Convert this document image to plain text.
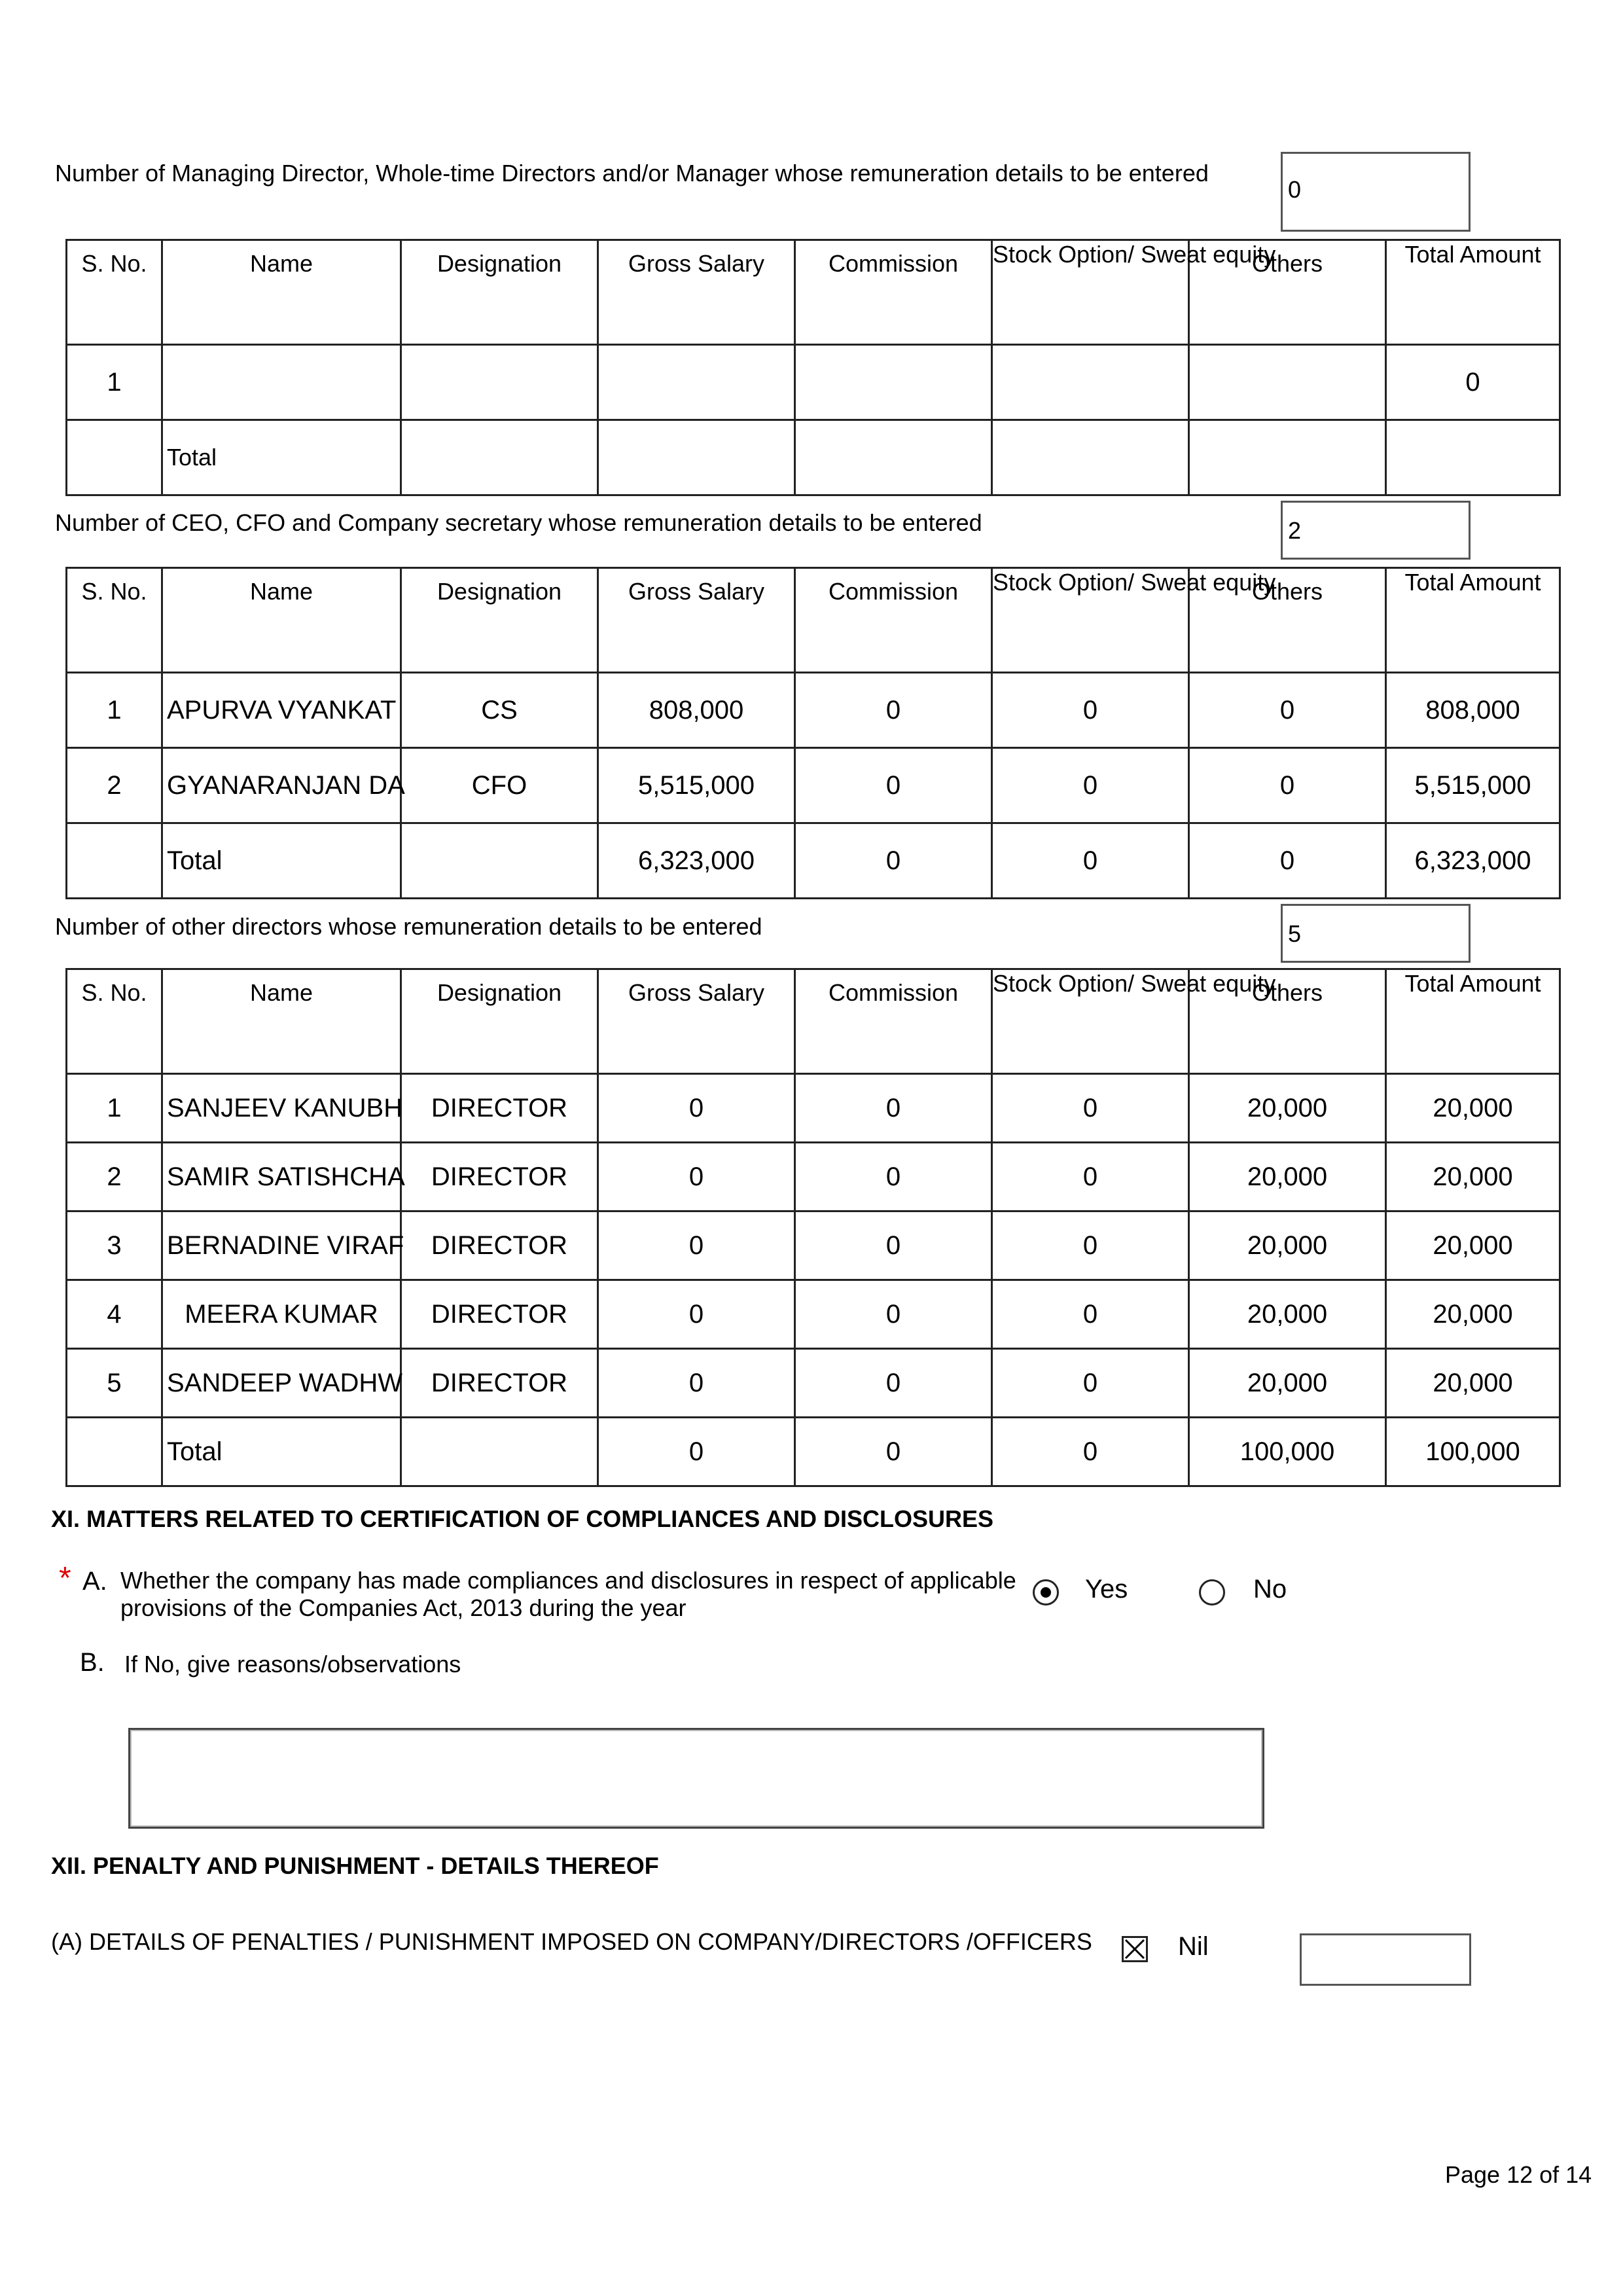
Number of Managing Director, Whole-time Directors and/or Manager whose remuneration details to be entered
0
S. No.	Name	Designation	Gross Salary	Commission	Stock Option/ Sweat equity	Others	Total Amount
1							0
	Total						
Number of CEO, CFO and Company secretary whose remuneration details to be entered	2
S. No.	Name	Designation	Gross Salary	Commission	Stock Option/ Sweat equity	Others	Total Amount
1	APURVA VYANKAT	CS	808,000	0	0	0	808,000
2	GYANARANJAN DA	CFO	5,515,000	0	0	0	5,515,000
	Total		6,323,000	0	0	0	6,323,000
Number of other directors whose remuneration details to be entered	5
S. No.	Name	Designation	Gross Salary	Commission	Stock Option/ Sweat equity	Others	Total Amount
1	SANJEEV KANUBH	DIRECTOR	0	0	0	20,000	20,000
2	SAMIR SATISHCHA	DIRECTOR	0	0	0	20,000	20,000
3	BERNADINE VIRAF	DIRECTOR	0	0	0	20,000	20,000
4	MEERA KUMAR	DIRECTOR	0	0	0	20,000	20,000
5	SANDEEP WADHW	DIRECTOR	0	0	0	20,000	20,000
	Total		0	0	0	100,000	100,000
XI. MATTERS RELATED TO CERTIFICATION OF COMPLIANCES AND DISCLOSURES
* A. Whether the company has made compliances and disclosures in respect of applicable
provisions of the Companies Act, 2013 during the year
Yes	No
B. If No, give reasons/observations
XII. PENALTY AND PUNISHMENT - DETAILS THEREOF
(A) DETAILS OF PENALTIES / PUNISHMENT IMPOSED ON COMPANY/DIRECTORS /OFFICERS	Nil
Page 12 of 14
